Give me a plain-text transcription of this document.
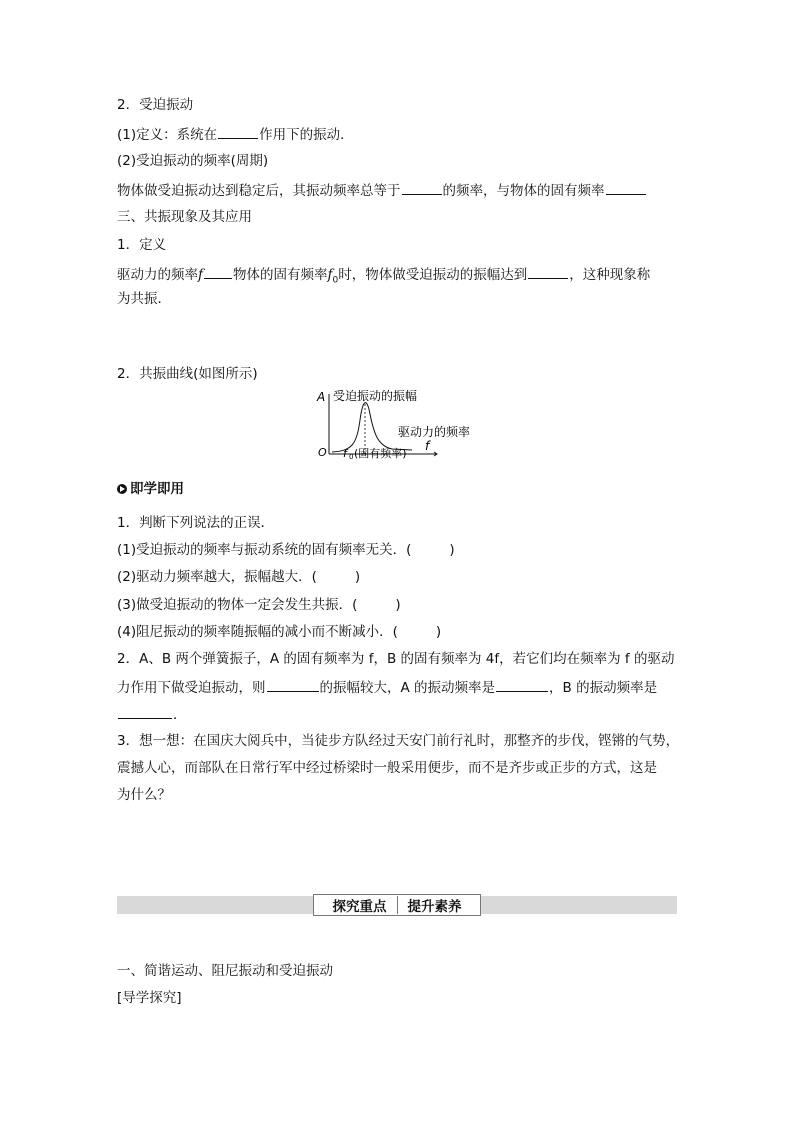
2．受迫振动
(1)定义：系统在	作用下的振动．
(2)受迫振动的频率(周期)
物体做受迫振动达到稳定后，其振动频率总等于	的频率，与物体的固有频率
三、共振现象及其应用
1．定义
驱动力的频率f 物体的固有频率$f_0$时，物体做受迫振动的振幅达到	，这种现象称
为共振．
2．共振曲线(如图所示)
A 受迫振动的振幅
驱动力的频率
O	f
f 0 (固有频率)
即学即用
1．判断下列说法的正误．
(1)受迫振动的频率与振动系统的固有频率无关．(	)
(2)驱动力频率越大，振幅越大．(	)
(3)做受迫振动的物体一定会发生共振．(	)
(4)阻尼振动的频率随振幅的减小而不断减小．(	)
2．A、B 两个弹簧振子，A 的固有频率为 f，B 的固有频率为 4f，若它们均在频率为 f 的驱动
力作用下做受迫振动，则	的振幅较大，A 的振动频率是	，B 的振动频率是
．
3．想一想：在国庆大阅兵中，当徒步方队经过天安门前行礼时，那整齐的步伐，铿锵的气势，
震撼人心，而部队在日常行军中经过桥梁时一般采用便步，而不是齐步或正步的方式，这是
为什么？
探究重点 提升素养
一、简谐运动、阻尼振动和受迫振动
[导学探究]
